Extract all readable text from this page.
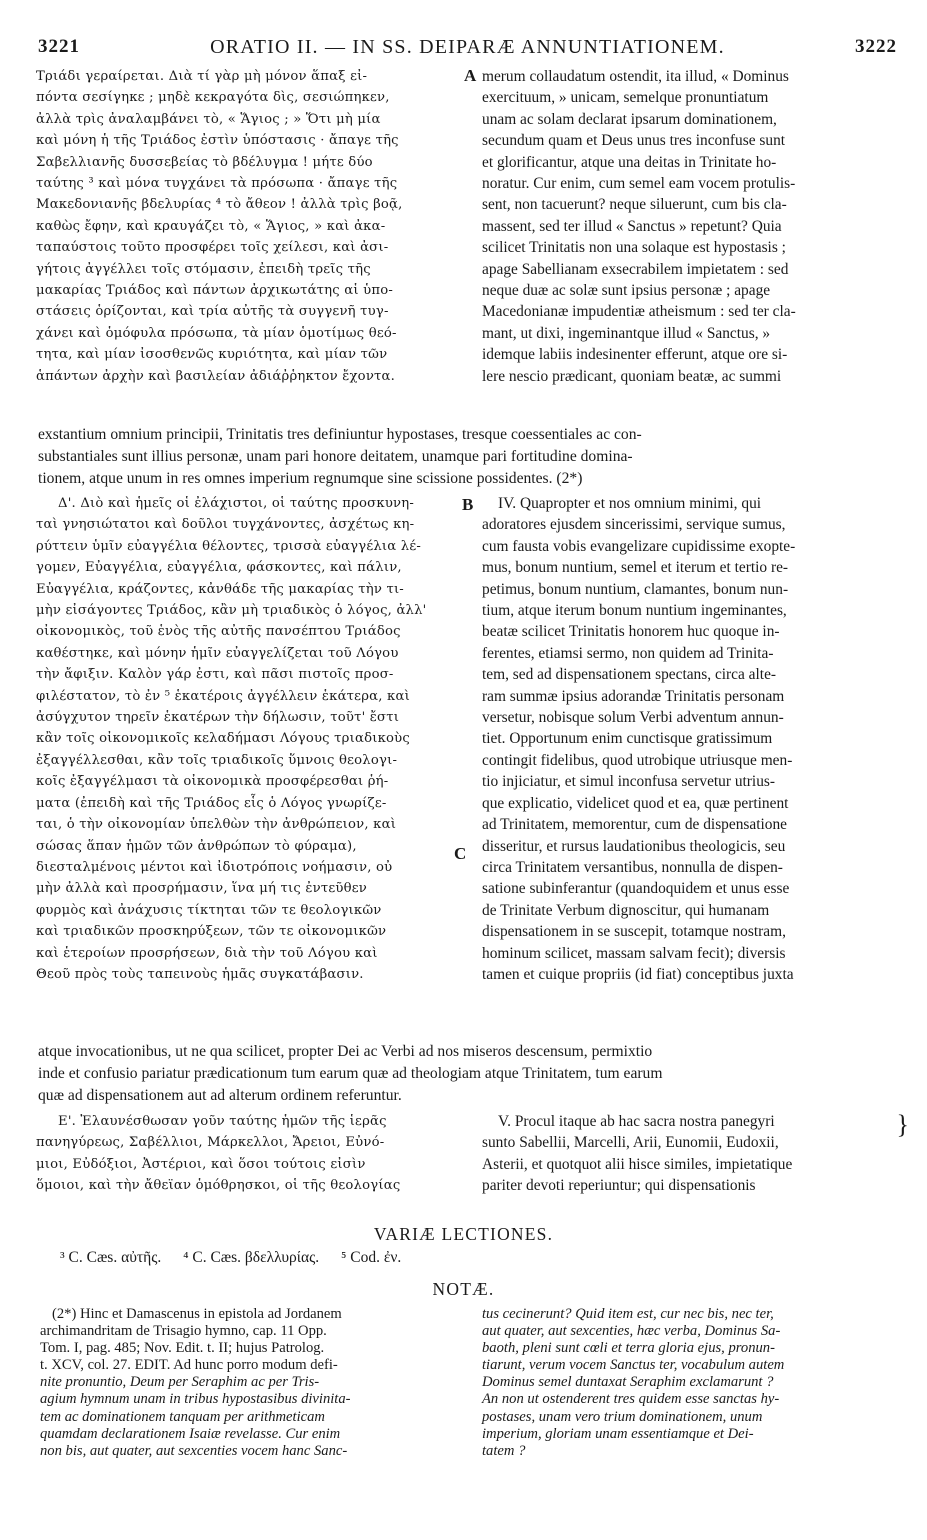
3221	ORATIO II. — IN SS. DEIPARÆ ANNUNTIATIONEM.	3222
Τριάδι γεραίρεται. Διὰ τί γὰρ μὴ μόνον ἅπαξ εἰ-
πόντα σεσίγηκε ; μηδὲ κεκραγότα δὶς, σεσιώπηκεν,
ἀλλὰ τρὶς ἀναλαμβάνει τὸ, « Ἅγιος ; » Ὅτι μὴ μία
καὶ μόνη ἡ τῆς Τριάδος ἐστὶν ὑπόστασις · ἄπαγε τῆς
Σαβελλιανῆς δυσσεβείας τὸ βδέλυγμα ! μήτε δύο
ταύτης ³ καὶ μόνα τυγχάνει τὰ πρόσωπα · ἄπαγε τῆς
Μακεδονιανῆς βδελυρίας ⁴ τὸ ἄθεον ! ἀλλὰ τρὶς βοᾷ,
καθὼς ἔφην, καὶ κραυγάζει τὸ, « Ἅγιος, » καὶ ἀκα-
ταπαύστοις τοῦτο προσφέρει τοῖς χείλεσι, καὶ ἀσι-
γήτοις ἀγγέλλει τοῖς στόμασιν, ἐπειδὴ τρεῖς τῆς
μακαρίας Τριάδος καὶ πάντων ἀρχικωτάτης αἱ ὑπο-
στάσεις ὁρίζονται, καὶ τρία αὐτῆς τὰ συγγενῆ τυγ-
χάνει καὶ ὁμόφυλα πρόσωπα, τὰ μίαν ὁμοτίμως θεό-
τητα, καὶ μίαν ἰσοσθενῶς κυριότητα, καὶ μίαν τῶν
ἁπάντων ἀρχὴν καὶ βασιλείαν ἀδιάῤῥηκτον ἔχοντα.
A merum collaudatum ostendit, ita illud, « Dominus
exercituum, » unicam, semelque pronuntiatum
unam ac solam declarat ipsarum dominationem,
secundum quam et Deus unus tres inconfuse sunt
et glorificantur, atque una deitas in Trinitate ho-
noratur. Cur enim, cum semel eam vocem protulis-
sent, non tacuerunt? neque siluerunt, cum bis cla-
massent, sed ter illud « Sanctus » repetunt? Quia
scilicet Trinitatis non una solaque est hypostasis ;
apage Sabellianam exsecrabilem impietatem : sed
neque duæ ac solæ sunt ipsius personæ ; apage
Macedonianæ impudentiæ atheismum : sed ter cla-
mant, ut dixi, ingeminantque illud « Sanctus, »
idemque labiis indesinenter efferunt, atque ore si-
lere nescio prædicant, quoniam beatæ, ac summi
exstantium omnium principii, Trinitatis tres definiuntur hypostases, tresque coessentiales ac con-
substantiales sunt illius personæ, unam pari honore deitatem, unamque pari fortitudine domina-
tionem, atque unum in res omnes imperium regnumque sine scissione possidentes. (2*)
Δ'. Διὸ καὶ ἡμεῖς οἱ ἐλάχιστοι, οἱ ταύτης προσκυνη-
ταὶ γνησιώτατοι καὶ δοῦλοι τυγχάνοντες, ἀσχέτως κη-
ρύττειν ὑμῖν εὐαγγέλια θέλοντες, τρισσὰ εὐαγγέλια λέ-
γομεν, Εὐαγγέλια, εὐαγγέλια, φάσκοντες, καὶ πάλιν,
Εὐαγγέλια, κράζοντες, κἀνθάδε τῆς μακαρίας τὴν τι-
μὴν εἰσάγοντες Τριάδος, κἂν μὴ τριαδικὸς ὁ λόγος, ἀλλ'
οἰκονομικὸς, τοῦ ἑνὸς τῆς αὐτῆς πανσέπτου Τριάδος
καθέστηκε, καὶ μόνην ἡμῖν εὐαγγελίζεται τοῦ Λόγου
τὴν ἄφιξιν. Καλὸν γάρ ἐστι, καὶ πᾶσι πιστοῖς προσ-
φιλέστατον, τὸ ἐν ⁵ ἑκατέροις ἀγγέλλειν ἑκάτερα, καὶ
ἀσύγχυτον τηρεῖν ἑκατέρων τὴν δήλωσιν, τοῦτ' ἔστι
κἂν τοῖς οἰκονομικοῖς κελαδήμασι Λόγους τριαδικοὺς
ἐξαγγέλλεσθαι, κἂν τοῖς τριαδικοῖς ὕμνοις θεολογι-
κοῖς ἐξαγγέλμασι τὰ οἰκονομικὰ προσφέρεσθαι ῥή-
ματα (ἐπειδὴ καὶ τῆς Τριάδος εἷς ὁ Λόγος γνωρίζε-
ται, ὁ τὴν οἰκονομίαν ὑπελθὼν τὴν ἀνθρώπειον, καὶ
σώσας ἅπαν ἡμῶν τῶν ἀνθρώπων τὸ φύραμα),
διεσταλμένοις μέντοι καὶ ἰδιοτρόποις νοήμασιν, οὐ
μὴν ἀλλὰ καὶ προσρήμασιν, ἵνα μή τις ἐντεῦθεν
φυρμὸς καὶ ἀνάχυσις τίκτηται τῶν τε θεολογικῶν
καὶ τριαδικῶν προσκηρύξεων, τῶν τε οἰκονομικῶν
καὶ ἑτεροίων προσρήσεων, διὰ τὴν τοῦ Λόγου καὶ
Θεοῦ πρὸς τοὺς ταπεινοὺς ἡμᾶς συγκατάβασιν.
B
C
IV. Quapropter et nos omnium minimi, qui
adoratores ejusdem sincerissimi, servique sumus,
cum fausta vobis evangelizare cupidissime exopte-
mus, bonum nuntium, semel et iterum et tertio re-
petimus, bonum nuntium, clamantes, bonum nun-
tium, atque iterum bonum nuntium ingeminantes,
beatæ scilicet Trinitatis honorem huc quoque in-
ferentes, etiamsi sermo, non quidem ad Trinita-
tem, sed ad dispensationem spectans, circa alte-
ram summæ ipsius adorandæ Trinitatis personam
versetur, nobisque solum Verbi adventum annun-
tiet. Opportunum enim cunctisque gratissimum
contingit fidelibus, quod utrobique utriusque men-
tio injiciatur, et simul inconfusa servetur utrius-
que explicatio, videlicet quod et ea, quæ pertinent
ad Trinitatem, memorentur, cum de dispensatione
disseritur, et rursus laudationibus theologicis, seu
circa Trinitatem versantibus, nonnulla de dispen-
satione subinferantur (quandoquidem et unus esse
de Trinitate Verbum dignoscitur, qui humanam
dispensationem in se suscepit, totamque nostram,
hominum scilicet, massam salvam fecit); diversis
tamen et cuique propriis (id fiat) conceptibus juxta
atque invocationibus, ut ne qua scilicet, propter Dei ac Verbi ad nos miseros descensum, permixtio
inde et confusio pariatur prædicationum tum earum quæ ad theologiam atque Trinitatem, tum earum
quæ ad dispensationem aut ad alterum ordinem referuntur.
Ε'. Ἐλαυνέσθωσαν γοῦν ταύτης ἡμῶν τῆς ἱερᾶς
πανηγύρεως, Σαβέλλιοι, Μάρκελλοι, Ἄρειοι, Εὐνό-
μιοι, Εὐδόξιοι, Ἀστέριοι, καὶ ὅσοι τούτοις εἰσὶν
ὅμοιοι, καὶ τὴν ἄθεϊαν ὁμόθρησκοι, οἱ τῆς θεολογίας
V. Procul itaque ab hac sacra nostra panegyri
sunto Sabellii, Marcelli, Arii, Eunomii, Eudoxii,
Asterii, et quotquot alii hisce similes, impietatique
pariter devoti reperiuntur; qui dispensationis
}
VARIÆ LECTIONES.
³ C. Cæs. αὐτῆς. ⁴ C. Cæs. βδελλυρίας. ⁵ Cod. ἐν.
NOTÆ.
(2*) Hinc et Damascenus in epistola ad Jordanem
archimandritam de Trisagio hymno, cap. 11 Opp.
Tom. I, pag. 485; Nov. Edit. t. II; hujus Patrolog.
t. XCV, col. 27. EDIT. Ad hunc porro modum defi-
nite pronuntio, Deum per Seraphim ac per Tris-
agium hymnum unam in tribus hypostasibus divinita-
tem ac dominationem tanquam per arithmeticam
quamdam declarationem Isaiæ revelasse. Cur enim
non bis, aut quater, aut sexcenties vocem hanc Sanc-
tus cecinerunt? Quid item est, cur nec bis, nec ter,
aut quater, aut sexcenties, hæc verba, Dominus Sa-
baoth, pleni sunt cœli et terra gloria ejus, pronun-
tiarunt, verum vocem Sanctus ter, vocabulum autem
Dominus semel duntaxat Seraphim exclamarunt ?
An non ut ostenderent tres quidem esse sanctas hy-
postases, unam vero trium dominationem, unum
imperium, gloriam unam essentiamque et Dei-
tatem ?
